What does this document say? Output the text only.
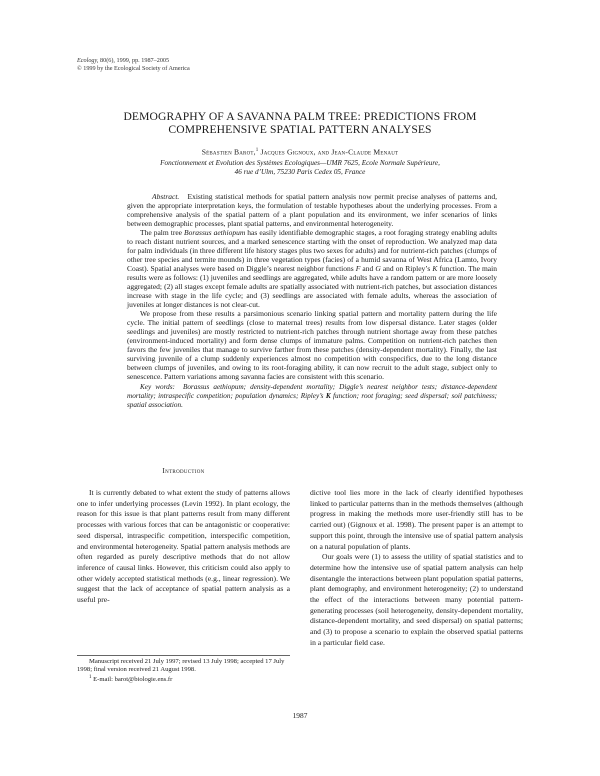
Ecology, 80(6), 1999, pp. 1987–2005
© 1999 by the Ecological Society of America
DEMOGRAPHY OF A SAVANNA PALM TREE: PREDICTIONS FROM
COMPREHENSIVE SPATIAL PATTERN ANALYSES
Sébastien Barot,$^1$ Jacques Gignoux, and Jean-Claude Menaut
Fonctionnement et Evolution des Systèmes Ecologiques—UMR 7625, Ecole Normale Supérieure,
46 rue d’Ulm, 75230 Paris Cedex 05, France

Abstract. Existing statistical methods for spatial pattern analysis now permit precise analyses of patterns and, given the appropriate interpretation keys, the formulation of testable hypotheses about the underlying processes. From a comprehensive analysis of the spatial pattern of a plant population and its environment, we infer scenarios of links between demographic processes, plant spatial patterns, and environmental heterogeneity.

The palm tree Borassus aethiopum has easily identifiable demographic stages, a root foraging strategy enabling adults to reach distant nutrient sources, and a marked senescence starting with the onset of reproduction. We analyzed map data for palm individuals (in three different life history stages plus two sexes for adults) and for nutrient-rich patches (clumps of other tree species and termite mounds) in three vegetation types (facies) of a humid savanna of West Africa (Lamto, Ivory Coast). Spatial analyses were based on Diggle’s nearest neighbor functions F and G and on Ripley’s K function. The main results were as follows: (1) juveniles and seedlings are aggregated, while adults have a random pattern or are more loosely aggregated; (2) all stages except female adults are spatially associated with nutrient-rich patches, but association distances increase with stage in the life cycle; and (3) seedlings are associated with female adults, whereas the association of juveniles at longer distances is not clear-cut.

We propose from these results a parsimonious scenario linking spatial pattern and mortality pattern during the life cycle. The initial pattern of seedlings (close to maternal trees) results from low dispersal distance. Later stages (older seedlings and juveniles) are mostly restricted to nutrient-rich patches through nutrient shortage away from these patches (environment-induced mortality) and form dense clumps of immature palms. Competition on nutrient-rich patches then favors the few juveniles that manage to survive farther from these patches (density-dependent mortality). Finally, the last surviving juvenile of a clump suddenly experiences almost no competition with conspecifics, due to the long distance between clumps of juveniles, and owing to its root-foraging ability, it can now recruit to the adult stage, subject only to senescence. Pattern variations among savanna facies are consistent with this scenario.

Key words: Borassus aethiopum; density-dependent mortality; Diggle’s nearest neighbor tests; distance-dependent mortality; intraspecific competition; population dynamics; Ripley’s K function; root foraging; seed dispersal; soil patchiness; spatial association.

Introduction

It is currently debated to what extent the study of patterns allows one to infer underlying processes (Levin 1992). In plant ecology, the reason for this issue is that plant patterns result from many different processes with various forces that can be antagonistic or cooperative: seed dispersal, intraspecific competition, interspecific competition, and environmental heterogeneity. Spatial pattern analysis methods are often regarded as purely descriptive methods that do not allow inference of causal links. However, this criticism could also apply to other widely accepted statistical methods (e.g., linear regression). We suggest that the lack of acceptance of spatial pattern analysis as a useful pre-

dictive tool lies more in the lack of clearly identified hypotheses linked to particular patterns than in the methods themselves (although progress in making the methods more user-friendly still has to be carried out) (Gignoux et al. 1998). The present paper is an attempt to support this point, through the intensive use of spatial pattern analysis on a natural population of plants.

Our goals were (1) to assess the utility of spatial statistics and to determine how the intensive use of spatial pattern analysis can help disentangle the interactions between plant population spatial patterns, plant demography, and environment heterogeneity; (2) to understand the effect of the interactions between many potential pattern-generating processes (soil heterogeneity, density-dependent mortality, distance-dependent mortality, and seed dispersal) on spatial patterns; and (3) to propose a scenario to explain the observed spatial patterns in a particular field case.

Manuscript received 21 July 1997; revised 13 July 1998; accepted 17 July 1998; final version received 21 August 1998.

$^1$ E-mail: barot@biologie.ens.fr

1987
